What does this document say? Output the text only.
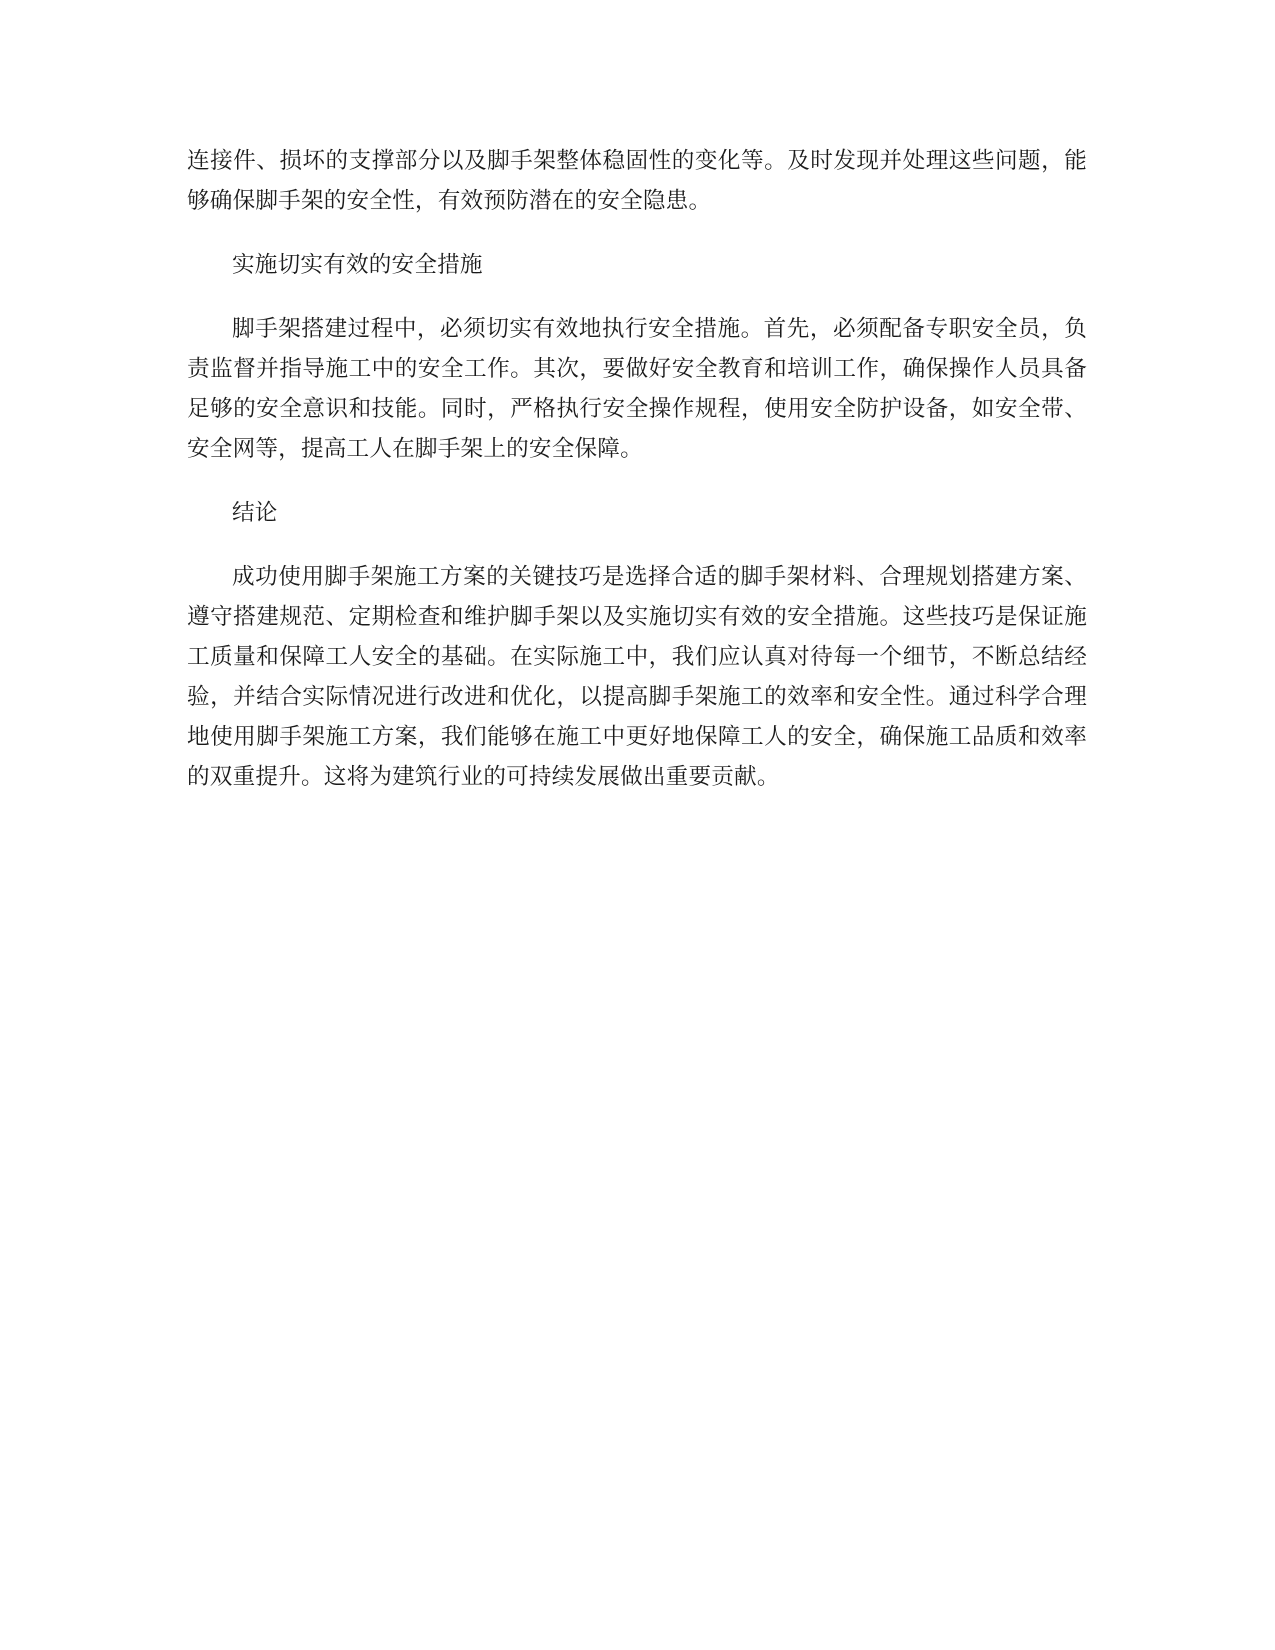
连接件、损坏的支撑部分以及脚手架整体稳固性的变化等。及时发现并处理这些问题，能够确保脚手架的安全性，有效预防潜在的安全隐患。

实施切实有效的安全措施

脚手架搭建过程中，必须切实有效地执行安全措施。首先，必须配备专职安全员，负责监督并指导施工中的安全工作。其次，要做好安全教育和培训工作，确保操作人员具备足够的安全意识和技能。同时，严格执行安全操作规程，使用安全防护设备，如安全带、安全网等，提高工人在脚手架上的安全保障。

结论

成功使用脚手架施工方案的关键技巧是选择合适的脚手架材料、合理规划搭建方案、遵守搭建规范、定期检查和维护脚手架以及实施切实有效的安全措施。这些技巧是保证施工质量和保障工人安全的基础。在实际施工中，我们应认真对待每一个细节，不断总结经验，并结合实际情况进行改进和优化，以提高脚手架施工的效率和安全性。通过科学合理地使用脚手架施工方案，我们能够在施工中更好地保障工人的安全，确保施工品质和效率的双重提升。这将为建筑行业的可持续发展做出重要贡献。
